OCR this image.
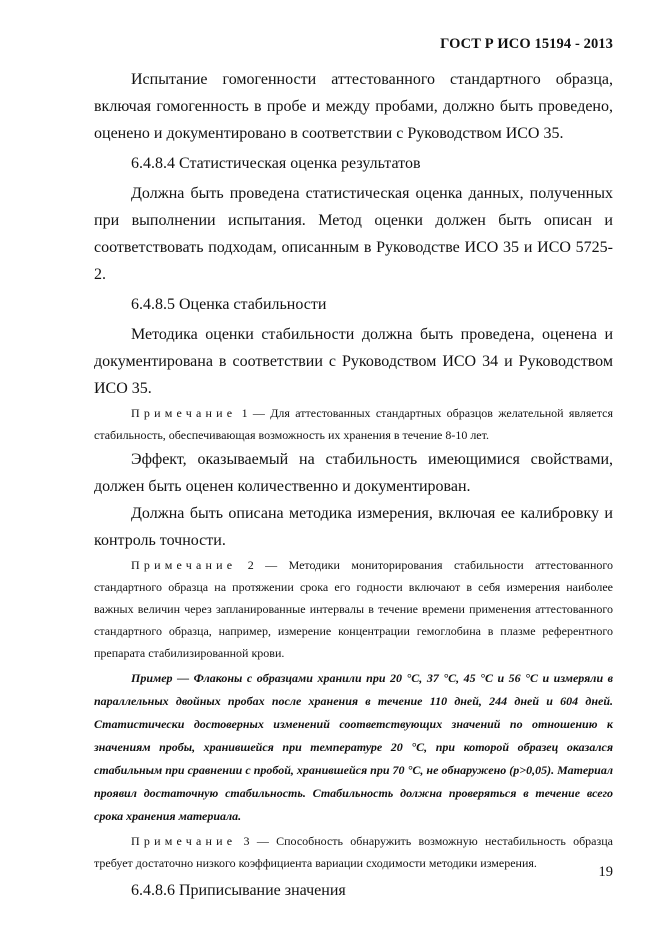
ГОСТ Р ИСО 15194 - 2013

Испытание гомогенности аттестованного стандартного образца, включая гомогенность в пробе и между пробами, должно быть проведено, оценено и документировано в соответствии с Руководством ИСО 35.

6.4.8.4 Статистическая оценка результатов

Должна быть проведена статистическая оценка данных, полученных при выполнении испытания. Метод оценки должен быть описан и соответствовать подходам, описанным в Руководстве ИСО 35 и ИСО 5725-2.

6.4.8.5 Оценка стабильности

Методика оценки стабильности должна быть проведена, оценена и документирована в соответствии с Руководством ИСО 34 и Руководством ИСО 35.

Примечание 1 — Для аттестованных стандартных образцов желательной является стабильность, обеспечивающая возможность их хранения в течение 8-10 лет.

Эффект, оказываемый на стабильность имеющимися свойствами, должен быть оценен количественно и документирован.

Должна быть описана методика измерения, включая ее калибровку и контроль точности.

Примечание 2 — Методики мониторирования стабильности аттестованного стандартного образца на протяжении срока его годности включают в себя измерения наиболее важных величин через запланированные интервалы в течение времени применения аттестованного стандартного образца, например, измерение концентрации гемоглобина в плазме референтного препарата стабилизированной крови.

Пример — Флаконы с образцами хранили при 20 °С, 37 °С, 45 °С и 56 °С и измеряли в параллельных двойных пробах после хранения в течение 110 дней, 244 дней и 604 дней. Статистически достоверных изменений соответствующих значений по отношению к значениям пробы, хранившейся при температуре 20 °С, при которой образец оказался стабильным при сравнении с пробой, хранившейся при 70 °С, не обнаружено (р>0,05). Материал проявил достаточную стабильность. Стабильность должна проверяться в течение всего срока хранения материала.

Примечание 3 — Способность обнаружить возможную нестабильность образца требует достаточно низкого коэффициента вариации сходимости методики измерения.

6.4.8.6 Приписывание значения

19
